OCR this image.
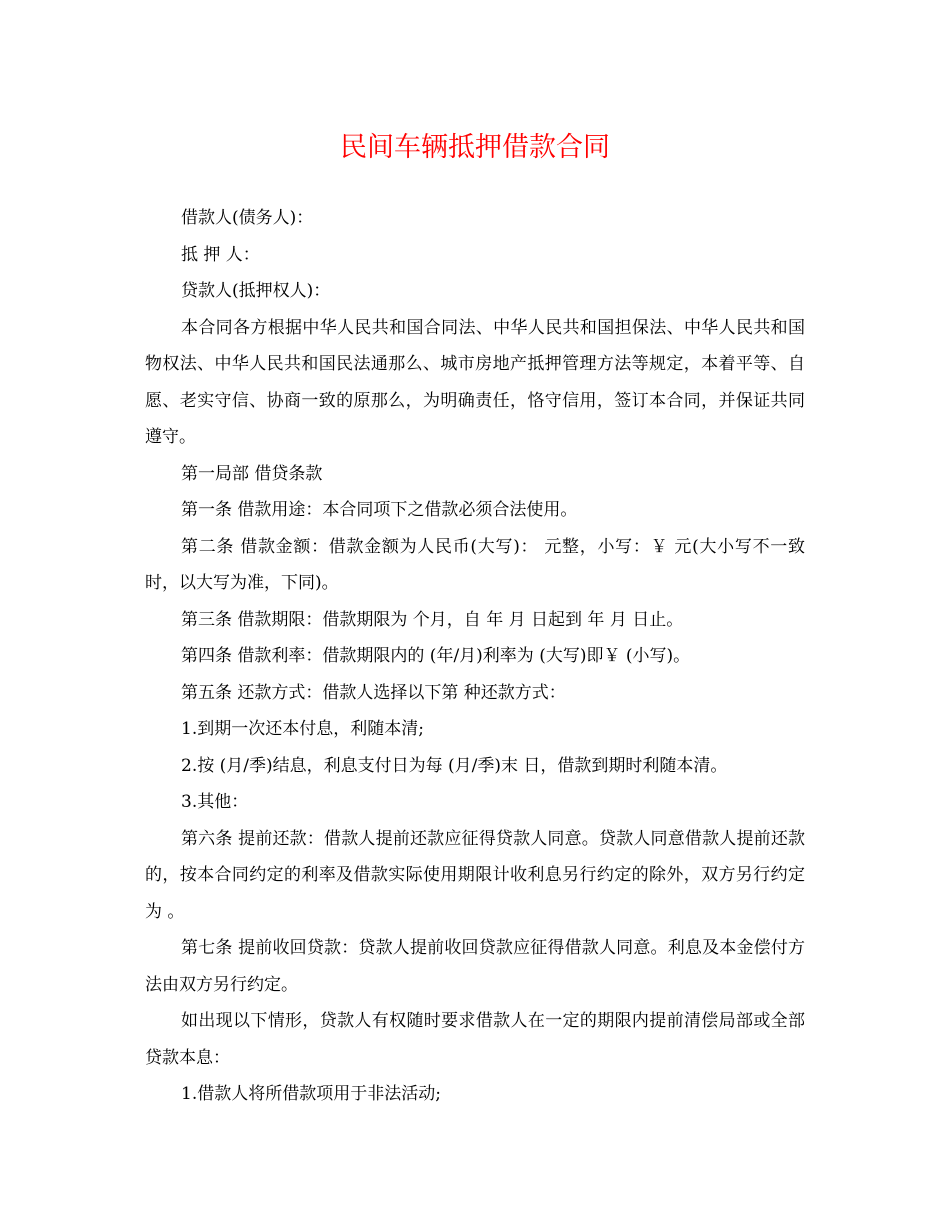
民间车辆抵押借款合同

借款人(债务人)：

抵 押 人：

贷款人(抵押权人)：

本合同各方根据中华人民共和国合同法、中华人民共和国担保法、中华人民共和国物权法、中华人民共和国民法通那么、城市房地产抵押管理方法等规定，本着平等、自愿、老实守信、协商一致的原那么，为明确责任，恪守信用，签订本合同，并保证共同遵守。

第一局部 借贷条款

第一条 借款用途：本合同项下之借款必须合法使用。

第二条 借款金额：借款金额为人民币(大写)： 元整，小写：￥ 元(大小写不一致时，以大写为准，下同)。

第三条 借款期限：借款期限为 个月，自 年 月 日起到 年 月 日止。

第四条 借款利率：借款期限内的 (年/月)利率为 (大写)即￥ (小写)。

第五条 还款方式：借款人选择以下第 种还款方式：

1.到期一次还本付息，利随本清;

2.按 (月/季)结息，利息支付日为每 (月/季)末 日，借款到期时利随本清。

3.其他：

第六条 提前还款：借款人提前还款应征得贷款人同意。贷款人同意借款人提前还款的，按本合同约定的利率及借款实际使用期限计收利息另行约定的除外，双方另行约定为 。

第七条 提前收回贷款：贷款人提前收回贷款应征得借款人同意。利息及本金偿付方法由双方另行约定。

如出现以下情形，贷款人有权随时要求借款人在一定的期限内提前清偿局部或全部贷款本息：

1.借款人将所借款项用于非法活动;
